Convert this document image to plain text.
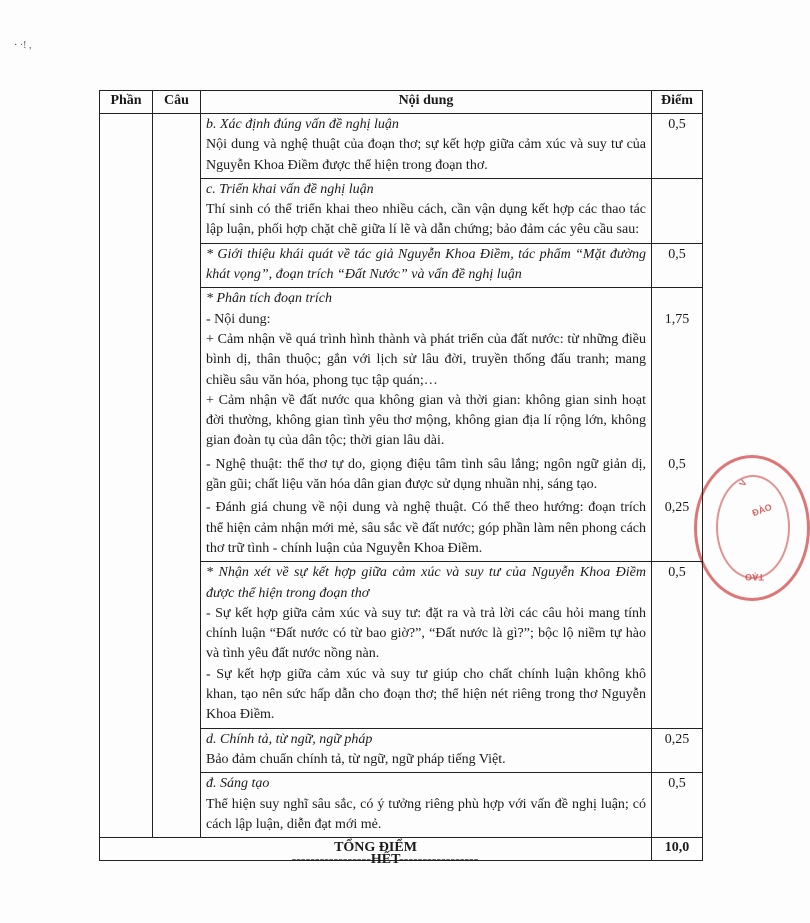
· ·! ,
V
ĐÀO
TẠO
Phần	Câu	Nội dung	Điểm

		b. Xác định đúng vấn đề nghị luận
Nội dung và nghệ thuật của đoạn thơ; sự kết hợp giữa cảm xúc và suy tư của Nguyễn Khoa Điềm được thể hiện trong đoạn thơ.	0,5

		c. Triển khai vấn đề nghị luận
Thí sinh có thể triển khai theo nhiều cách, cần vận dụng kết hợp các thao tác lập luận, phối hợp chặt chẽ giữa lí lẽ và dẫn chứng; bảo đảm các yêu cầu sau:	

		* Giới thiệu khái quát về tác giả Nguyễn Khoa Điềm, tác phẩm “Mặt đường khát vọng”, đoạn trích “Đất Nước” và vấn đề nghị luận	0,5

		* Phân tích đoạn trích
- Nội dung:
+ Cảm nhận về quá trình hình thành và phát triển của đất nước: từ những điều bình dị, thân thuộc; gắn với lịch sử lâu đời, truyền thống đấu tranh; mang chiều sâu văn hóa, phong tục tập quán;…
+ Cảm nhận về đất nước qua không gian và thời gian: không gian sinh hoạt đời thường, không gian tình yêu thơ mộng, không gian địa lí rộng lớn, không gian đoàn tụ của dân tộc; thời gian lâu dài.	1,75

		- Nghệ thuật: thể thơ tự do, giọng điệu tâm tình sâu lắng; ngôn ngữ giản dị, gần gũi; chất liệu văn hóa dân gian được sử dụng nhuần nhị, sáng tạo.	0,5

		- Đánh giá chung về nội dung và nghệ thuật. Có thể theo hướng: đoạn trích thể hiện cảm nhận mới mẻ, sâu sắc về đất nước; góp phần làm nên phong cách thơ trữ tình - chính luận của Nguyễn Khoa Điềm.	0,25

		* Nhận xét về sự kết hợp giữa cảm xúc và suy tư của Nguyễn Khoa Điềm được thể hiện trong đoạn thơ
- Sự kết hợp giữa cảm xúc và suy tư: đặt ra và trả lời các câu hỏi mang tính chính luận “Đất nước có từ bao giờ?”, “Đất nước là gì?”; bộc lộ niềm tự hào và tình yêu đất nước nồng nàn.
- Sự kết hợp giữa cảm xúc và suy tư giúp cho chất chính luận không khô khan, tạo nên sức hấp dẫn cho đoạn thơ; thể hiện nét riêng trong thơ Nguyễn Khoa Điềm.	0,5

		d. Chính tả, từ ngữ, ngữ pháp
Bảo đảm chuẩn chính tả, từ ngữ, ngữ pháp tiếng Việt.	0,25

		đ. Sáng tạo
Thể hiện suy nghĩ sâu sắc, có ý tưởng riêng phù hợp với vấn đề nghị luận; có cách lập luận, diễn đạt mới mẻ.	0,5
TỔNG ĐIỂM			10,0
-----------------HẾT-----------------
